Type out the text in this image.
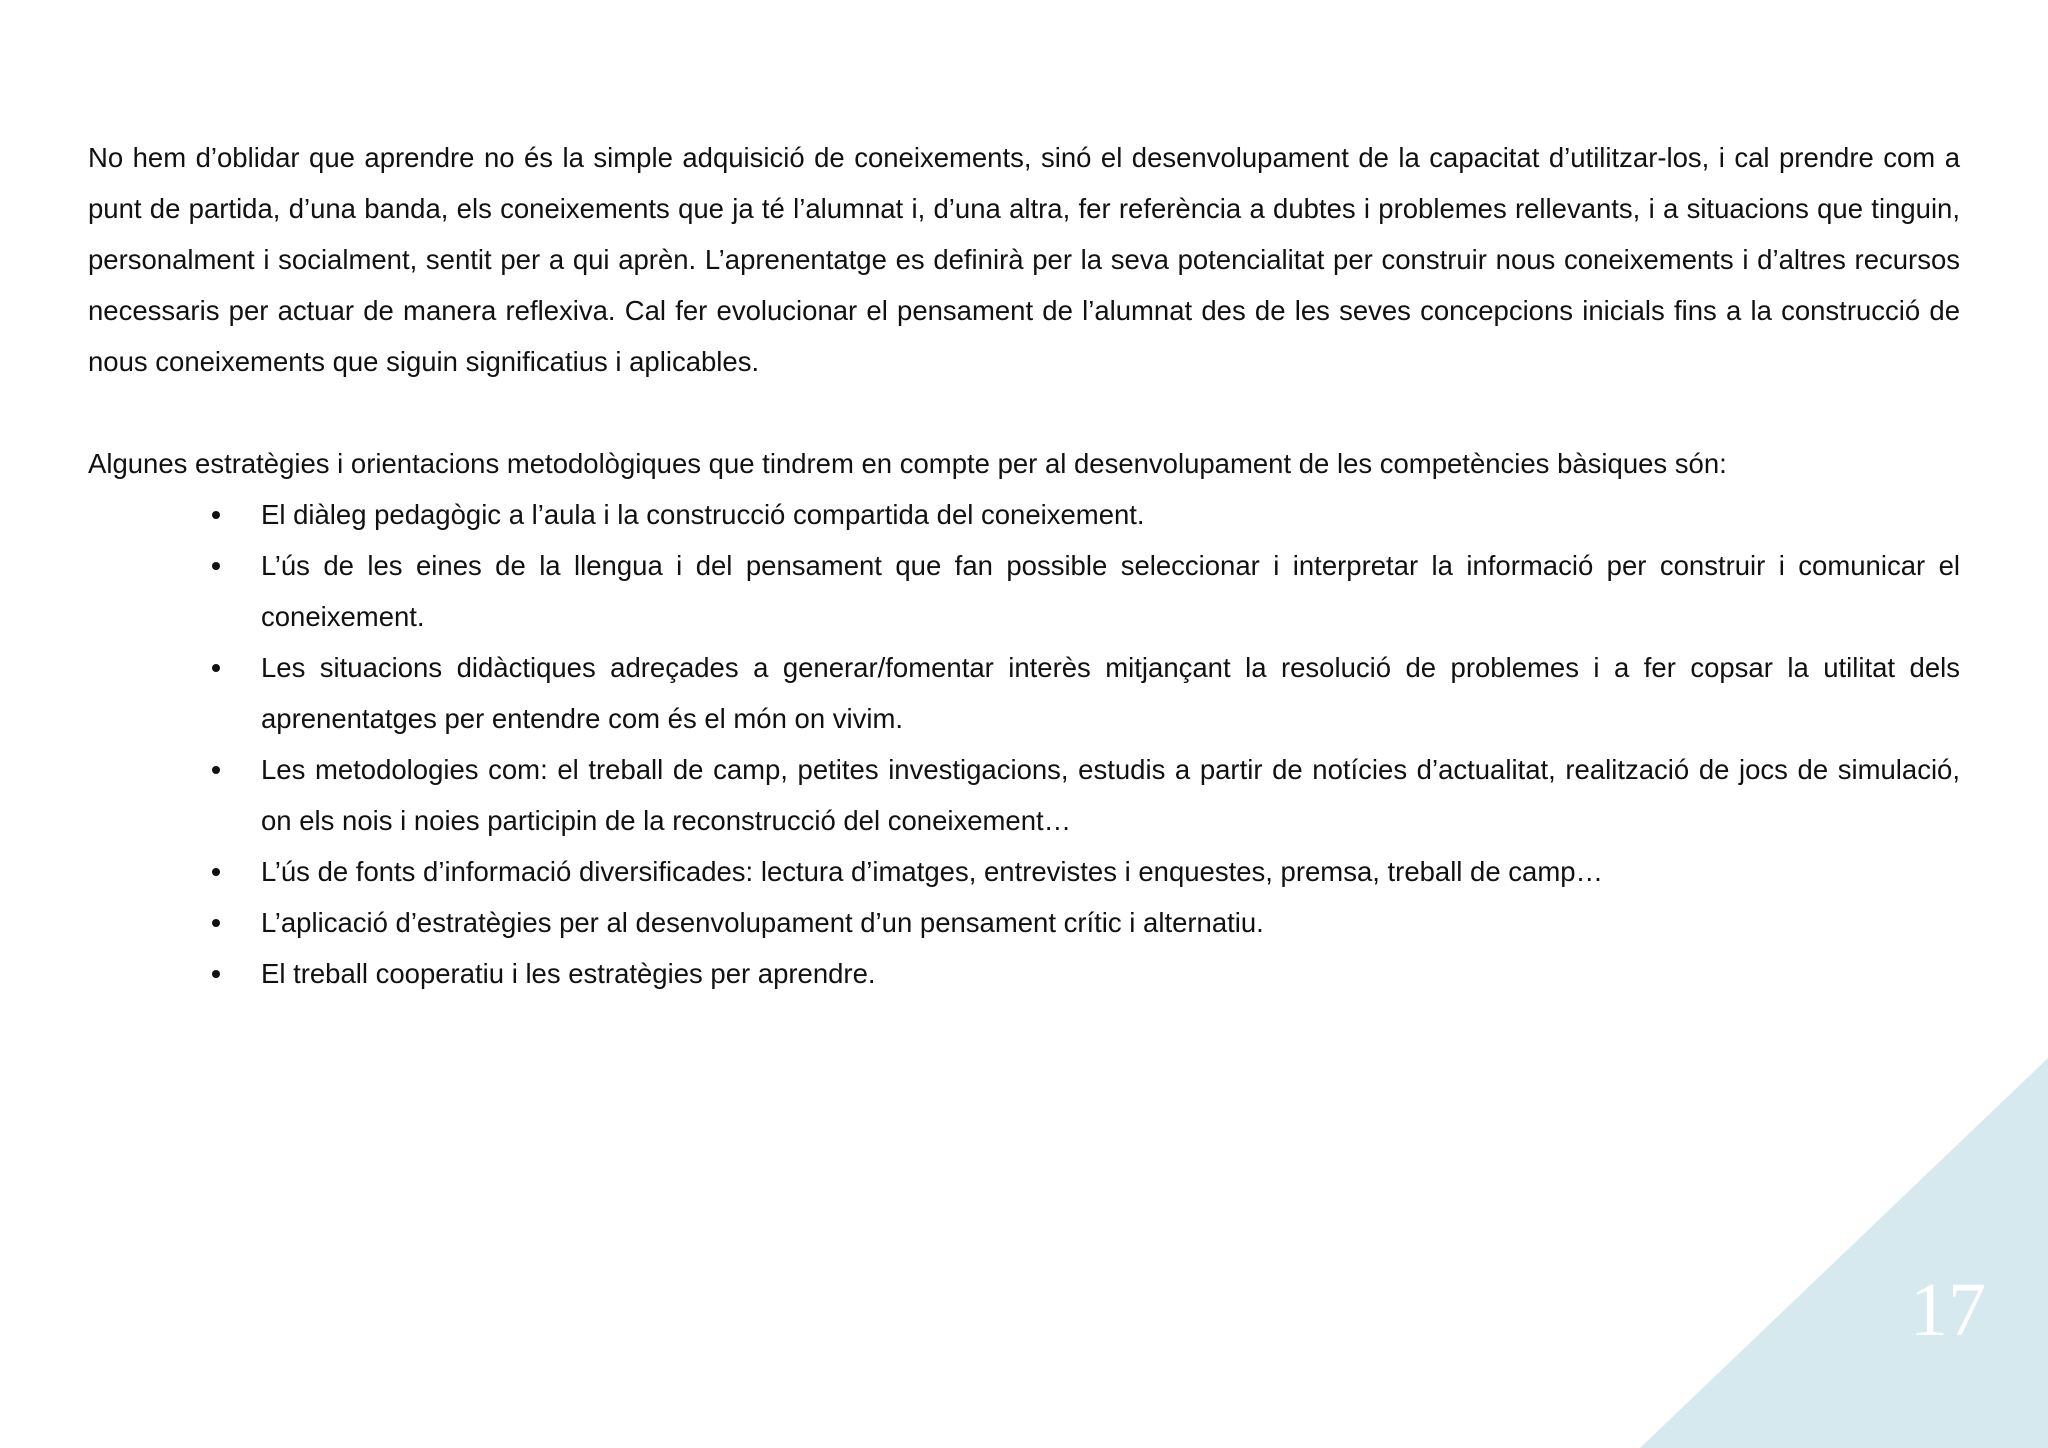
No hem d’oblidar que aprendre no és la simple adquisició de coneixements, sinó el desenvolupament de la capacitat d’utilitzar-los, i cal prendre com a punt de partida, d’una banda, els coneixements que ja té l’alumnat i, d’una altra, fer referència a dubtes i problemes rellevants, i a situacions que tinguin, personalment i socialment, sentit per a qui aprèn. L’aprenentatge es definirà per la seva potencialitat per construir nous coneixements i d’altres recursos necessaris per actuar de manera reflexiva. Cal fer evolucionar el pensament de l’alumnat des de les seves concepcions inicials fins a la construcció de nous coneixements que siguin significatius i aplicables.

Algunes estratègies i orientacions metodològiques que tindrem en compte per al desenvolupament de les competències bàsiques són:

El diàleg pedagògic a l’aula i la construcció compartida del coneixement.
L’ús de les eines de la llengua i del pensament que fan possible seleccionar i interpretar la informació per construir i comunicar el coneixement.
Les situacions didàctiques adreçades a generar/fomentar interès mitjançant la resolució de problemes i a fer copsar la utilitat dels aprenentatges per entendre com és el món on vivim.
Les metodologies com: el treball de camp, petites investigacions, estudis a partir de notícies d’actualitat, realització de jocs de simulació, on els nois i noies participin de la reconstrucció del coneixement…
L’ús de fonts d’informació diversificades: lectura d’imatges, entrevistes i enquestes, premsa, treball de camp…
L’aplicació d’estratègies per al desenvolupament d’un pensament crític i alternatiu.
El treball cooperatiu i les estratègies per aprendre.
17
